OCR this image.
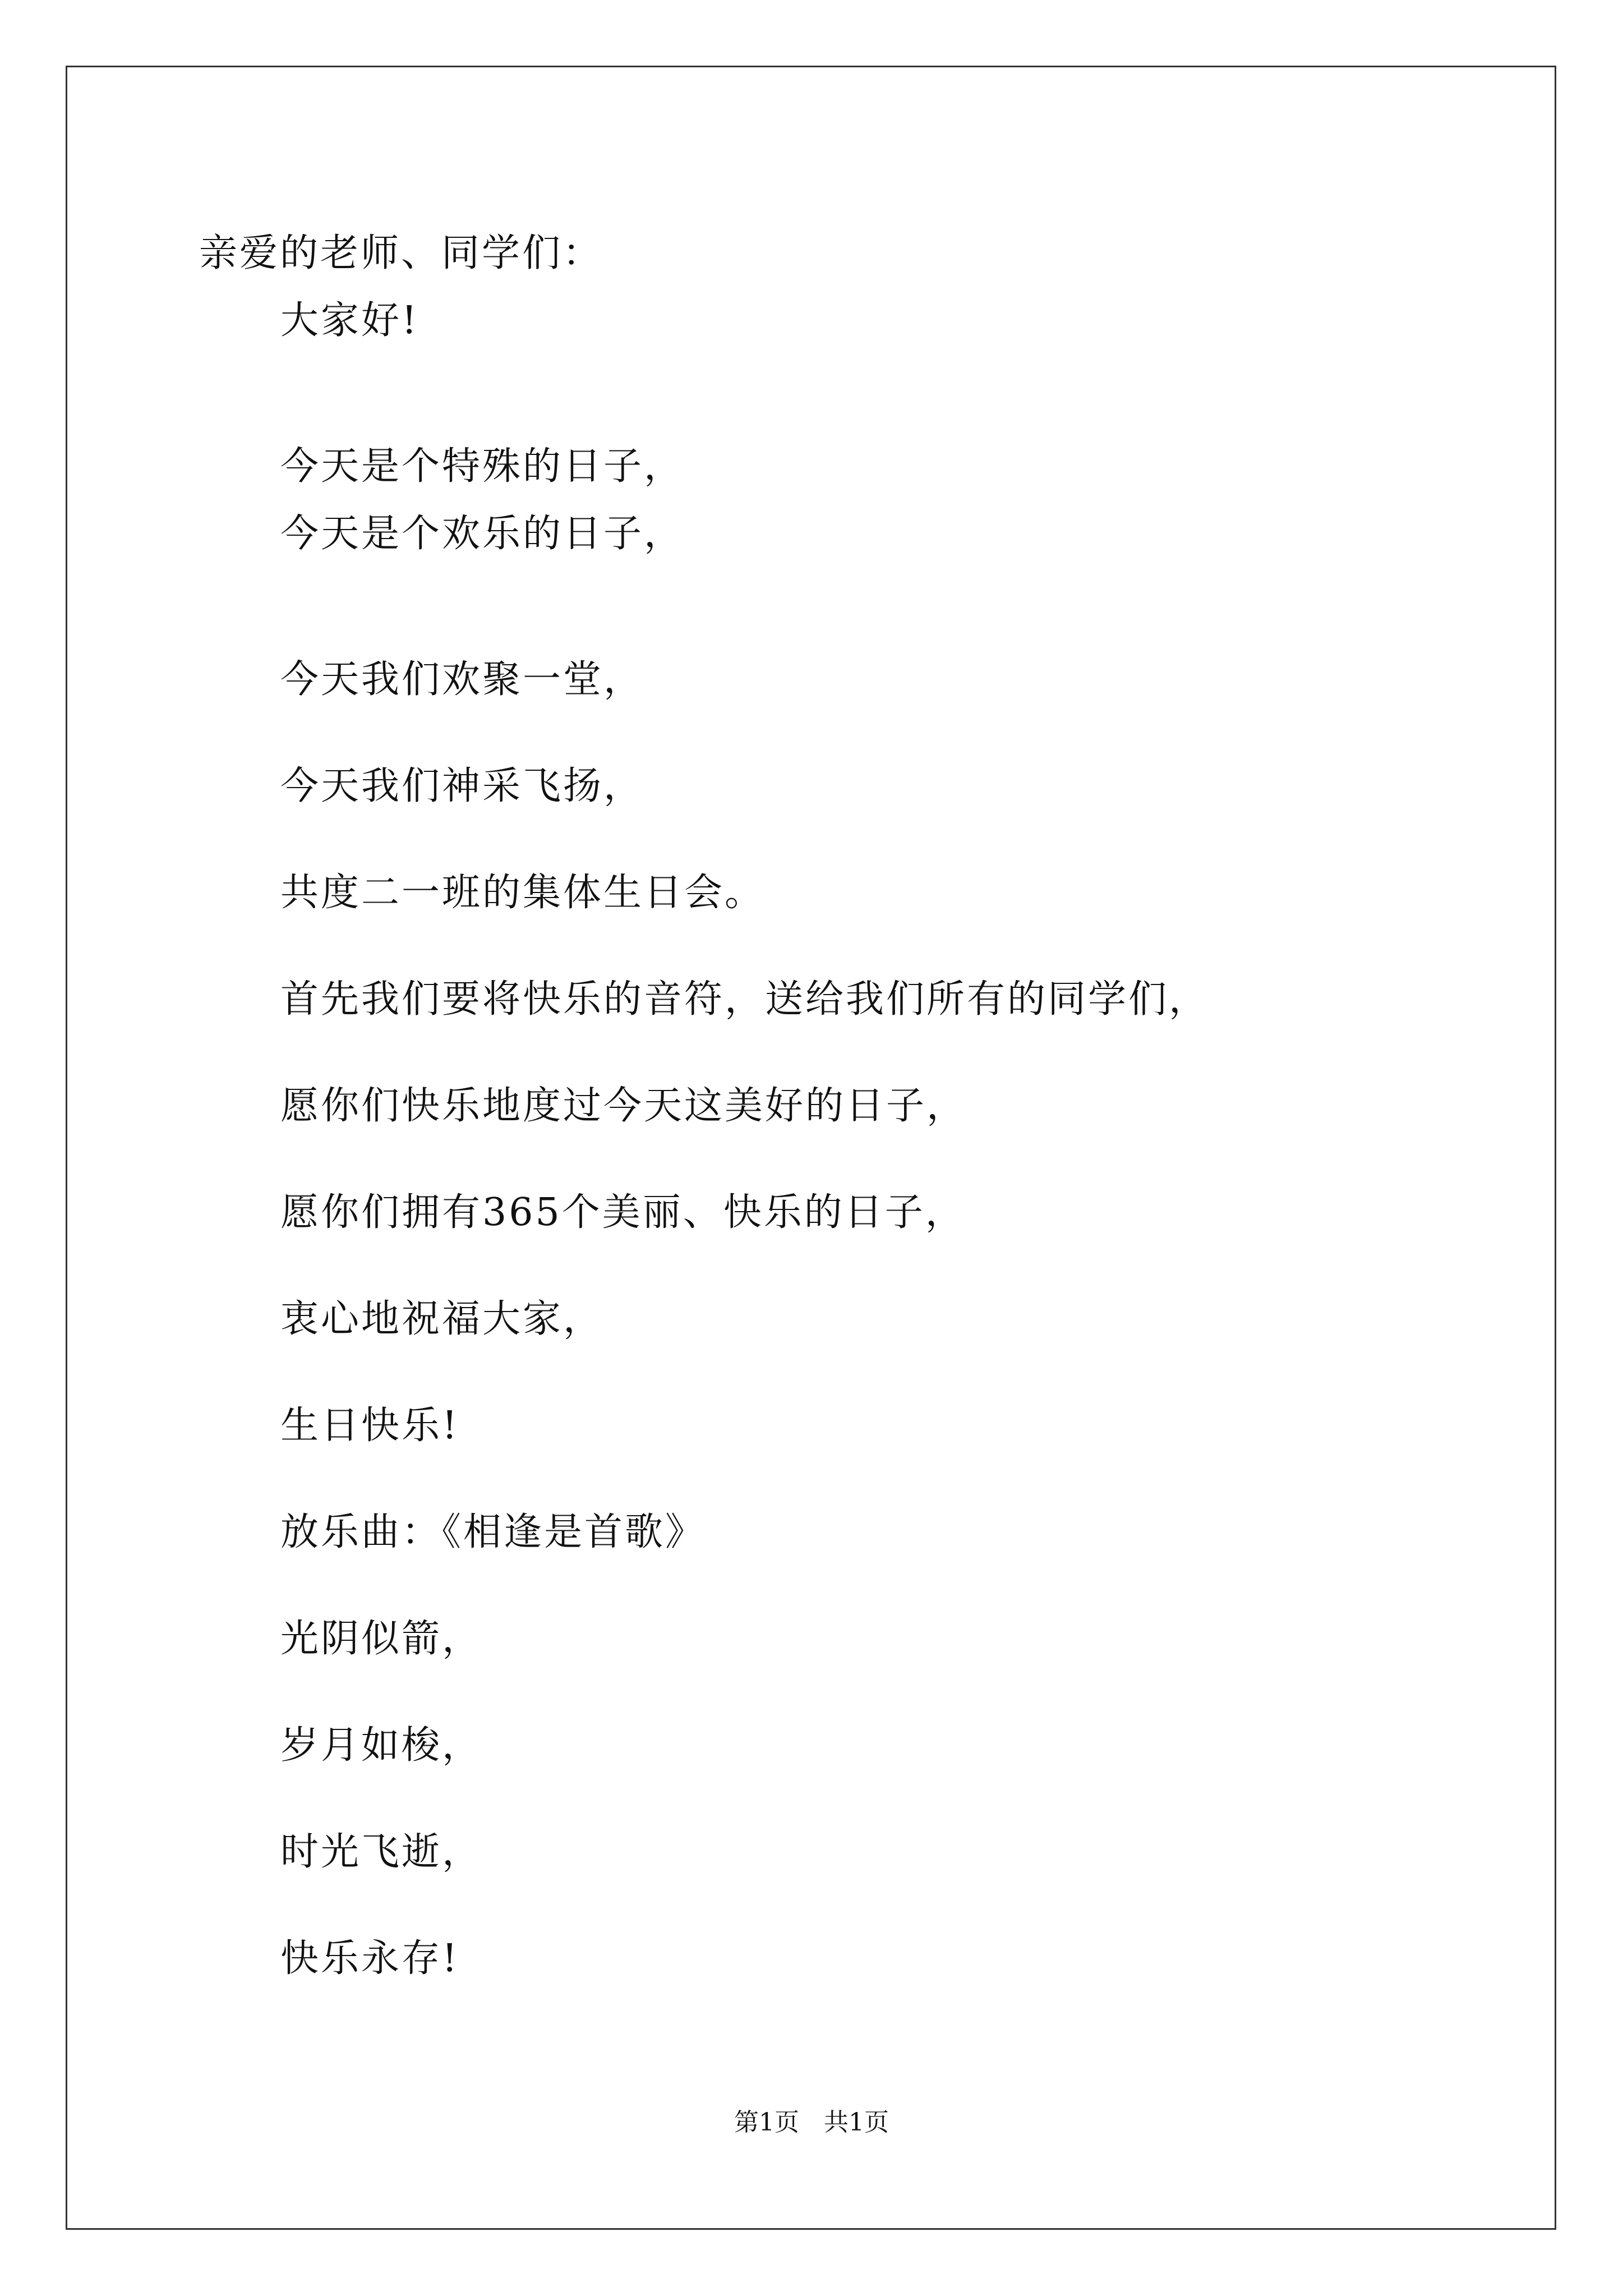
亲爱的老师、同学们：
大家好!
今天是个特殊的日子，
今天是个欢乐的日子，
今天我们欢聚一堂，
今天我们神采飞扬，
共度二一班的集体生日会。
首先我们要将快乐的音符，送给我们所有的同学们，
愿你们快乐地度过今天这美好的日子，
愿你们拥有365个美丽、快乐的日子，
衷心地祝福大家，
生日快乐!
放乐曲：《相逢是首歌》
光阴似箭，
岁月如梭，
时光飞逝，
快乐永存!
第1页 共1页
